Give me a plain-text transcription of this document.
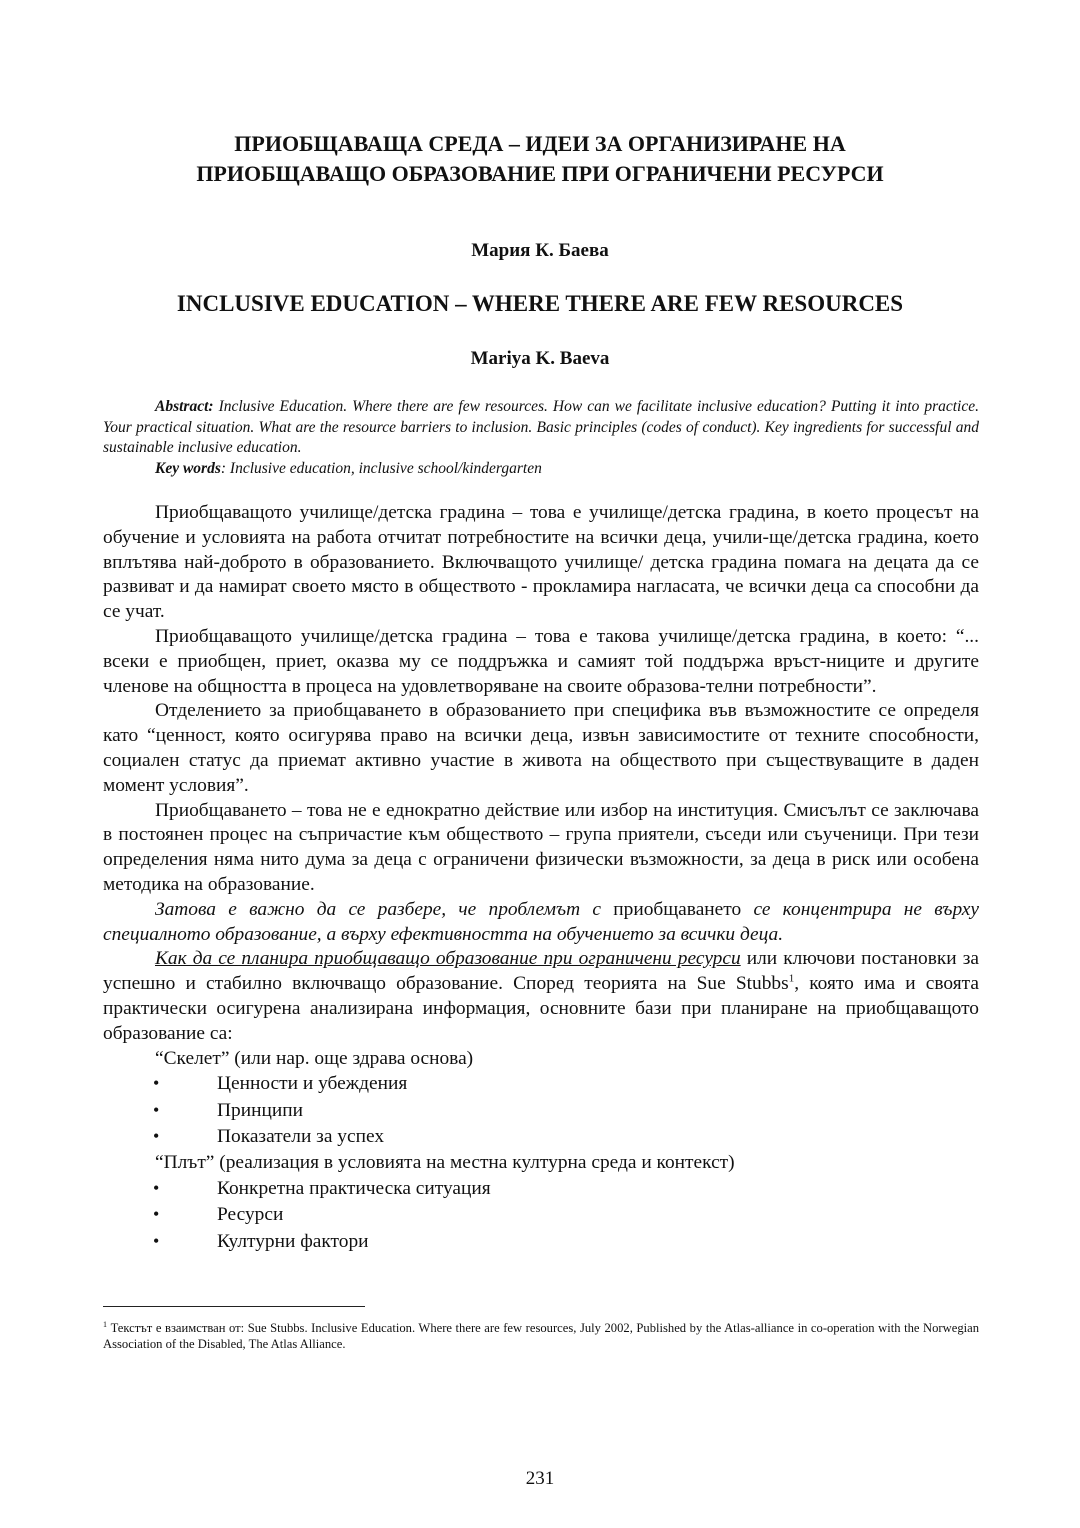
ПРИОБЩАВАЩА СРЕДА – ИДЕИ ЗА ОРГАНИЗИРАНЕ НА
ПРИОБЩАВАЩО ОБРАЗОВАНИЕ ПРИ ОГРАНИЧЕНИ РЕСУРСИ
Мария К. Баева
INCLUSIVE EDUCATION – WHERE THERE ARE FEW RESOURCES
Mariya K. Baeva

Abstract: Inclusive Education. Where there are few resources. How can we facilitate inclusive education? Putting it into practice. Your practical situation. What are the resource barriers to inclusion. Basic principles (codes of conduct). Key ingredients for successful and sustainable inclusive education.

Key words: Inclusive education, inclusive school/kindergarten

Приобщаващото училище/детска градина – това е училище/детска градина, в което процесът на обучение и условията на работа отчитат потребностите на всички деца, учили-ще/детска градина, което вплътява най-доброто в образованието. Включващото училище/ детска градина помага на децата да се развиват и да намират своето място в обществото - прокламира нагласата, че всички деца са способни да се учат.

Приобщаващото училище/детска градина – това е такова училище/детска градина, в което: “... всеки е приобщен, приет, оказва му се поддръжка и самият той поддържа връст-ниците и другите членове на общността в процеса на удовлетворяване на своите образова-телни потребности”.

Отделението за приобщаването в образованието при специфика във възможностите се определя като “ценност, която осигурява право на всички деца, извън зависимостите от техните способности, социален статус да приемат активно участие в живота на обществото при съществуващите в даден момент условия”.

Приобщаването – това не е еднократно действие или избор на институция. Смисълът се заключава в постоянен процес на съпричастие към обществото – група приятели, съседи или съученици. При тези определения няма нито дума за деца с ограничени физически възможности, за деца в риск или особена методика на образование.

Затова е важно да се разбере, че проблемът с приобщаването се концентрира не върху специалното образование, а върху ефективността на обучението за всички деца.

Как да се планира приобщаващо образование при ограничени ресурси или ключови постановки за успешно и стабилно включващо образование. Според теорията на Sue Stubbs$^1$, която има и своята практически осигурена анализирана информация, основните бази при планиране на приобщаващото образование са:

“Скелет” (или нар. още здрава основа)

•	Ценности и убеждения
•	Принципи
•	Показатели за успех

“Плът” (реализация в условията на местна културна среда и контекст)

•	Конкретна практическа ситуация
•	Ресурси
•	Културни фактори
$^1$ Текстът е взаимстван от: Sue Stubbs. Inclusive Education. Where there are few resources, July 2002, Published by the Atlas-alliance in co-operation with the Norwegian Association of the Disabled, The Atlas Alliance.
231
